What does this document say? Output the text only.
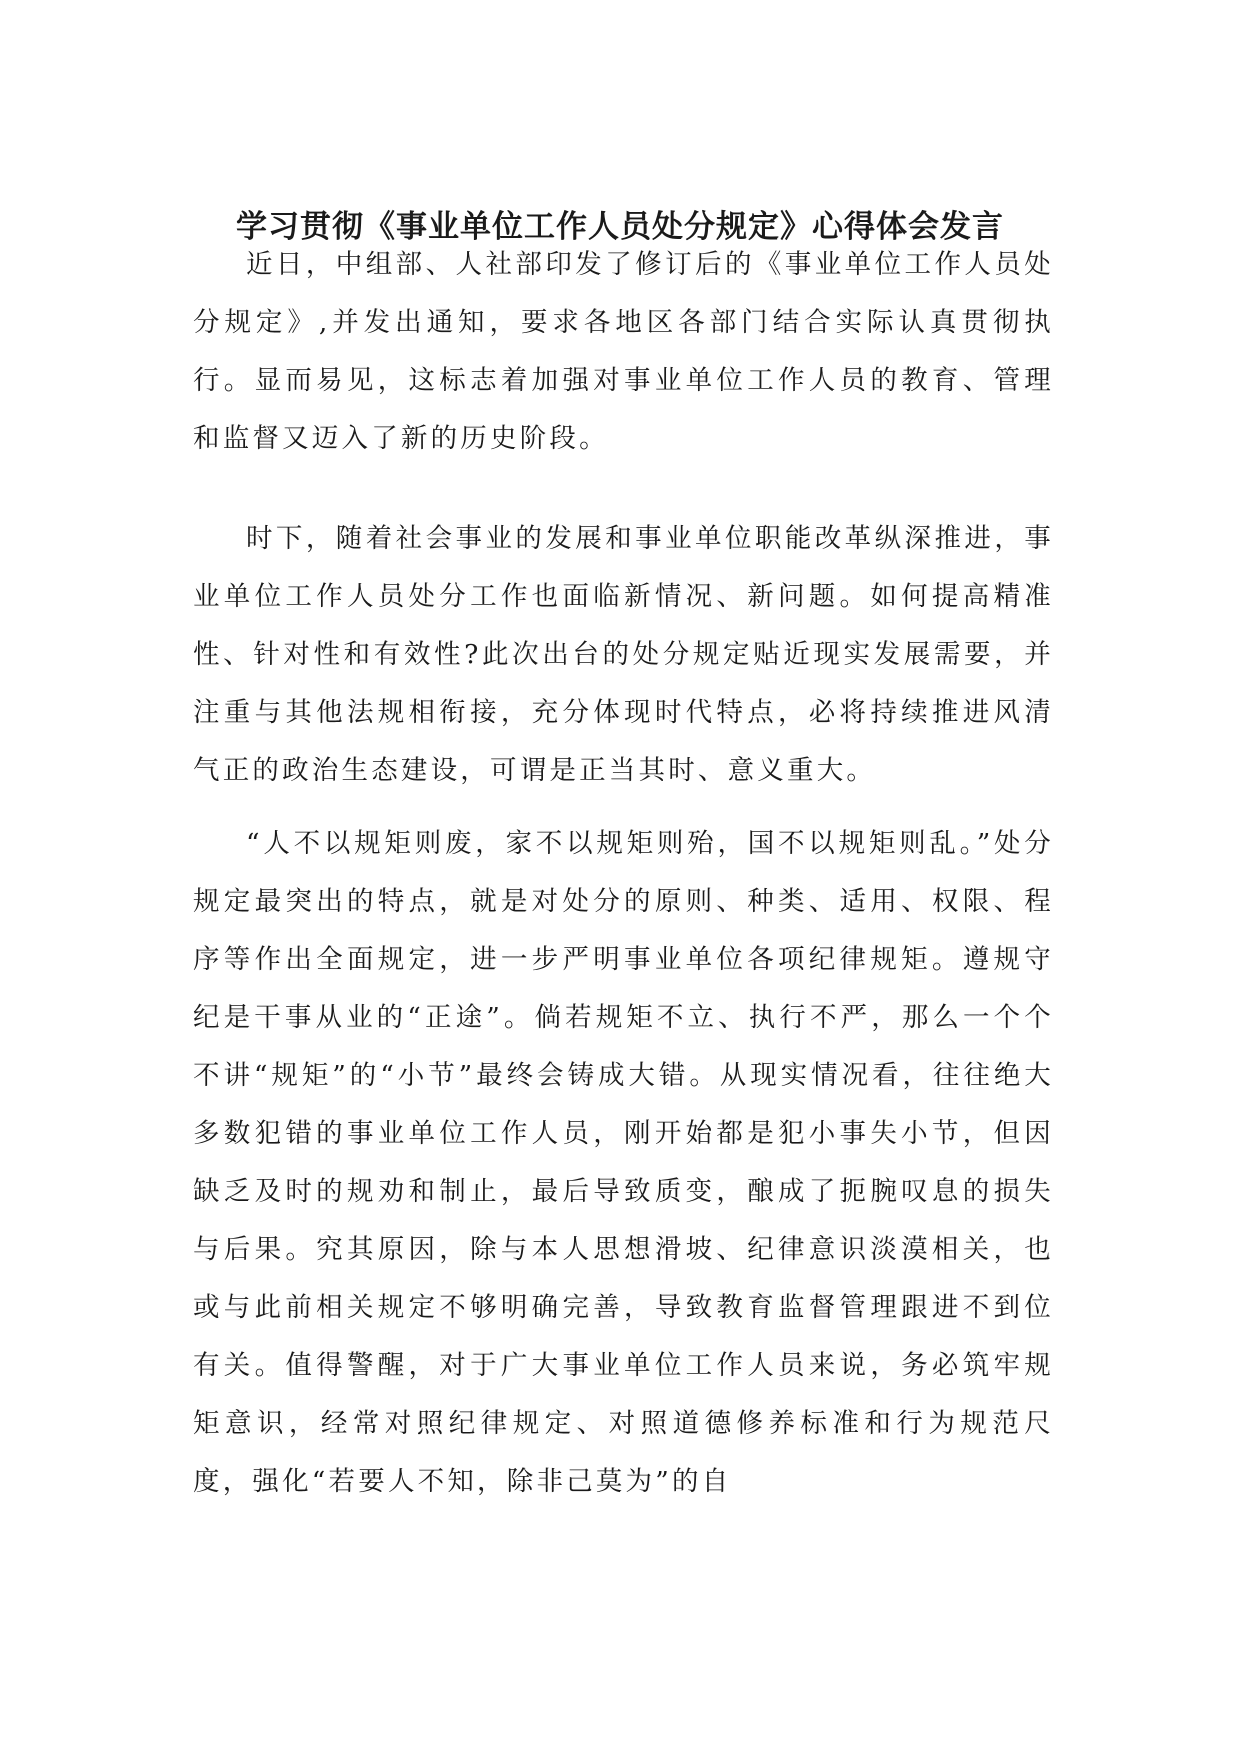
学习贯彻《事业单位工作人员处分规定》心得体会发言

近日，中组部、人社部印发了修订后的《事业单位工作人员处分规定》,并发出通知，要求各地区各部门结合实际认真贯彻执行。显而易见，这标志着加强对事业单位工作人员的教育、管理和监督又迈入了新的历史阶段。

时下，随着社会事业的发展和事业单位职能改革纵深推进，事业单位工作人员处分工作也面临新情况、新问题。如何提高精准性、针对性和有效性?此次出台的处分规定贴近现实发展需要，并注重与其他法规相衔接，充分体现时代特点，必将持续推进风清气正的政治生态建设，可谓是正当其时、意义重大。

“人不以规矩则废，家不以规矩则殆，国不以规矩则乱。”处分规定最突出的特点，就是对处分的原则、种类、适用、权限、程序等作出全面规定，进一步严明事业单位各项纪律规矩。遵规守纪是干事从业的“正途”。倘若规矩不立、执行不严，那么一个个不讲“规矩”的“小节”最终会铸成大错。从现实情况看，往往绝大多数犯错的事业单位工作人员，刚开始都是犯小事失小节，但因缺乏及时的规劝和制止，最后导致质变，酿成了扼腕叹息的损失与后果。究其原因，除与本人思想滑坡、纪律意识淡漠相关，也或与此前相关规定不够明确完善，导致教育监督管理跟进不到位有关。值得警醒，对于广大事业单位工作人员来说，务必筑牢规矩意识，经常对照纪律规定、对照道德修养标准和行为规范尺度，强化“若要人不知，除非己莫为”的自
